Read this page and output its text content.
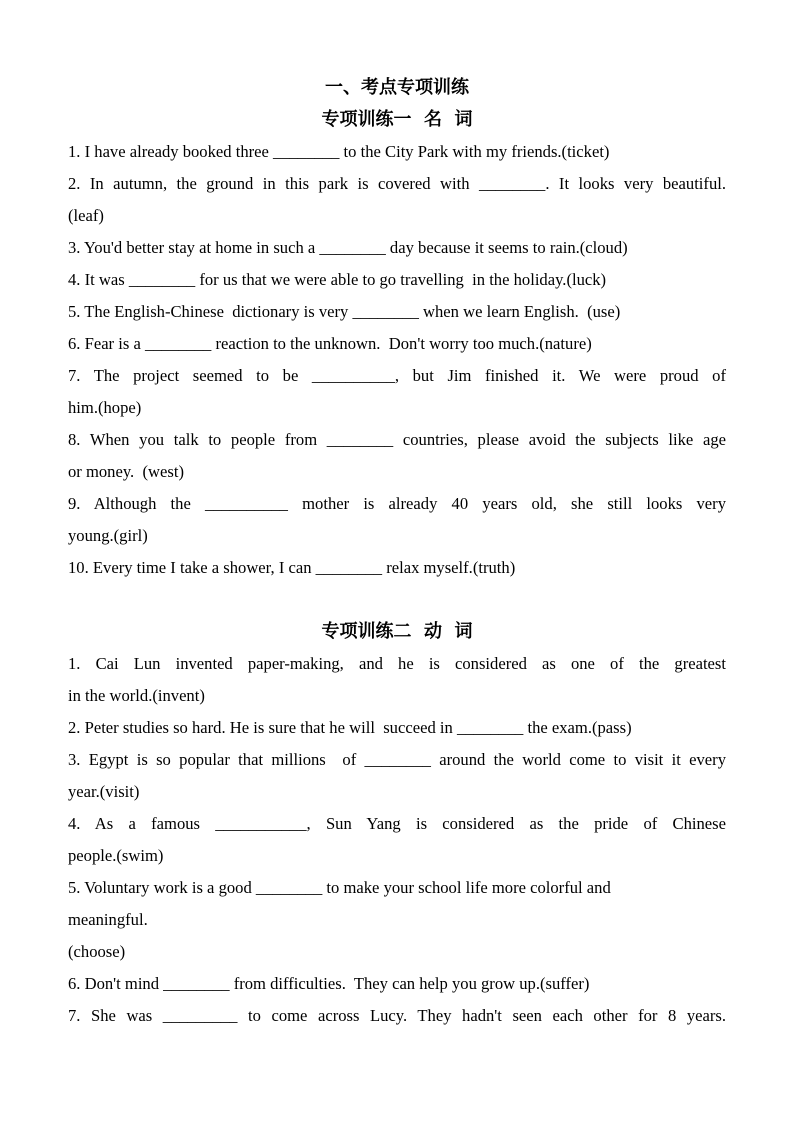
一、考点专项训练
专项训练一  名  词
1. I have already booked three ________ to the City Park with my friends.(ticket)
2. In autumn, the ground in this park is covered with ________. It looks very beautiful.
(leaf)
3. You'd better stay at home in such a ________ day because it seems to rain.(cloud)
4. It was ________ for us that we were able to go travelling  in the holiday.(luck)
5. The English-Chinese  dictionary is very ________ when we learn English.  (use)
6. Fear is a ________ reaction to the unknown.  Don't worry too much.(nature)
7. The project seemed to be __________, but Jim finished it. We were proud of
him.(hope)
8. When you talk to people from ________ countries, please avoid the subjects like age
or money.  (west)
9. Although the __________ mother is already 40 years old, she still looks very
young.(girl)
10. Every time I take a shower, I can ________ relax myself.(truth)
专项训练二  动  词
1. Cai Lun invented paper-making, and he is considered as one of the greatest
in the world.(invent)
2. Peter studies so hard. He is sure that he will  succeed in ________ the exam.(pass)
3. Egypt is so popular that millions  of ________ around the world come to visit it every
year.(visit)
4. As a famous ___________, Sun Yang is considered as the pride of Chinese
people.(swim)
5. Voluntary work is a good ________ to make your school life more colorful and
meaningful.
(choose)
6. Don't mind ________ from difficulties.  They can help you grow up.(suffer)
7. She was _________ to come across Lucy. They hadn't seen each other for 8 years.
